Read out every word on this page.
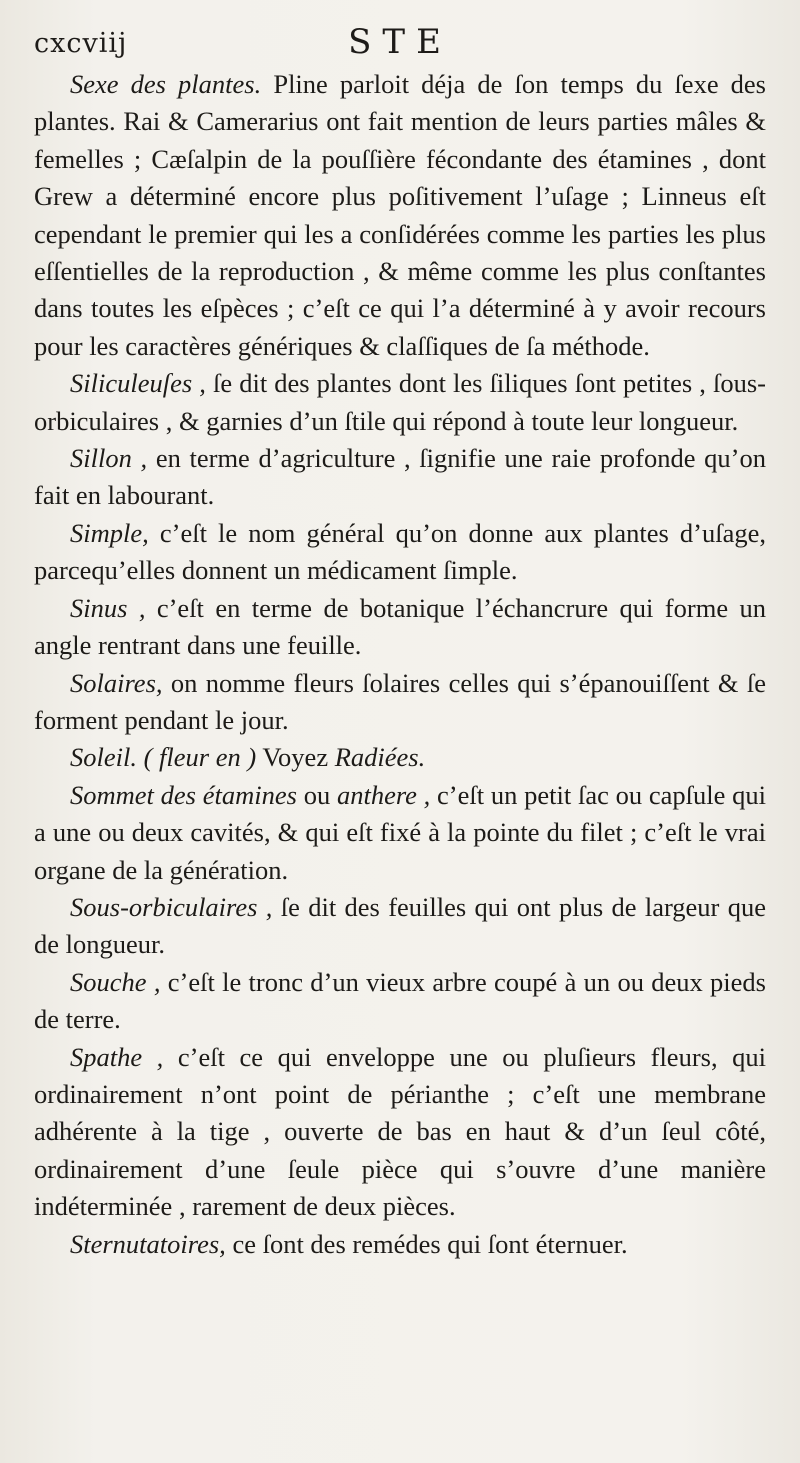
cxcviij	STE

Sexe des plantes. Pline parloit déja de ſon temps du ſexe des plantes. Rai & Camerarius ont fait mention de leurs parties mâles & femelles ; Cæſalpin de la pouſſière fécondante des étamines , dont Grew a déterminé encore plus poſitivement l’uſage ; Linneus eſt cependant le premier qui les a conſidérées comme les parties les plus eſſentielles de la reproduction , & même comme les plus conſtantes dans toutes les eſpèces ; c’eſt ce qui l’a déterminé à y avoir recours pour les caractères génériques & claſſiques de ſa méthode.

Siliculeuſes , ſe dit des plantes dont les ſiliques ſont petites , ſous-orbiculaires , & garnies d’un ſtile qui répond à toute leur longueur.

Sillon , en terme d’agriculture , ſignifie une raie profonde qu’on fait en labourant.

Simple, c’eſt le nom général qu’on donne aux plantes d’uſage, parcequ’elles donnent un médicament ſimple.

Sinus , c’eſt en terme de botanique l’échancrure qui forme un angle rentrant dans une feuille.

Solaires, on nomme fleurs ſolaires celles qui s’épanouiſſent & ſe forment pendant le jour.

Soleil. ( fleur en ) Voyez Radiées.

Sommet des étamines ou anthere , c’eſt un petit ſac ou capſule qui a une ou deux cavités, & qui eſt fixé à la pointe du filet ; c’eſt le vrai organe de la génération.

Sous-orbiculaires , ſe dit des feuilles qui ont plus de largeur que de longueur.

Souche , c’eſt le tronc d’un vieux arbre coupé à un ou deux pieds de terre.

Spathe , c’eſt ce qui enveloppe une ou pluſieurs fleurs, qui ordinairement n’ont point de périanthe ; c’eſt une membrane adhérente à la tige , ouverte de bas en haut & d’un ſeul côté, ordinairement d’une ſeule pièce qui s’ouvre d’une manière indéterminée , rarement de deux pièces.

Sternutatoires, ce ſont des remédes qui ſont éternuer.
